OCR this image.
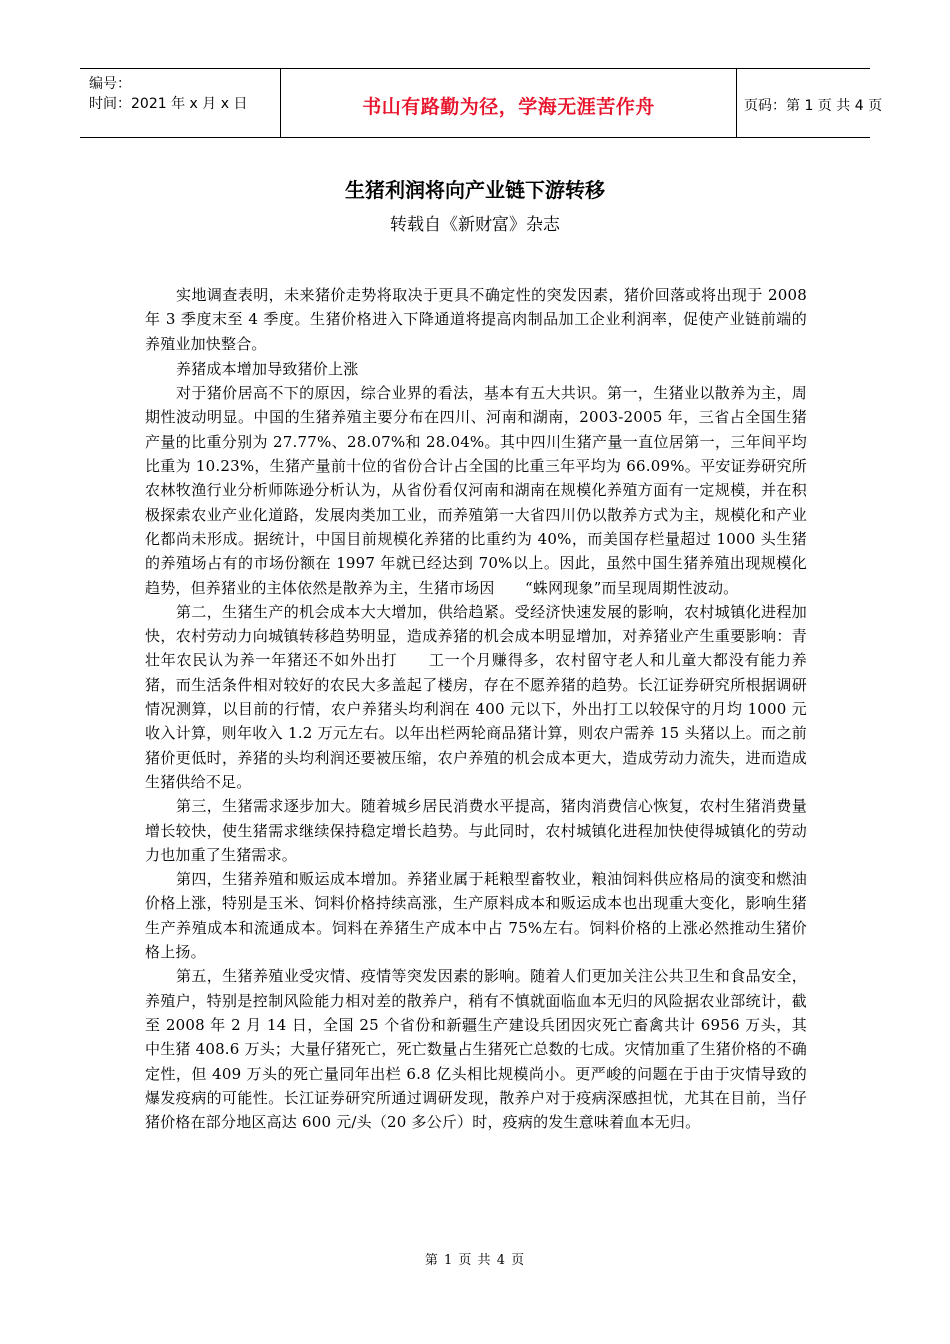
编号：
时间：2021 年 x 月 x 日	书山有路勤为径，学海无涯苦作舟	页码：第 1 页 共 4 页
生猪利润将向产业链下游转移
转载自《新财富》杂志

实地调查表明，未来猪价走势将取决于更具不确定性的突发因素，猪价回落或将出现于 2008 年 3 季度末至 4 季度。生猪价格进入下降通道将提高肉制品加工企业利润率，促使产业链前端的养殖业加快整合。

养猪成本增加导致猪价上涨

对于猪价居高不下的原因，综合业界的看法，基本有五大共识。第一，生猪业以散养为主，周期性波动明显。中国的生猪养殖主要分布在四川、河南和湖南，2003-2005 年，三省占全国生猪产量的比重分别为 27.77%、28.07%和 28.04%。其中四川生猪产量一直位居第一，三年间平均比重为 10.23%，生猪产量前十位的省份合计占全国的比重三年平均为 66.09%。平安证券研究所农林牧渔行业分析师陈逊分析认为，从省份看仅河南和湖南在规模化养殖方面有一定规模，并在积极探索农业产业化道路，发展肉类加工业，而养殖第一大省四川仍以散养方式为主，规模化和产业化都尚未形成。据统计，中国目前规模化养猪的比重约为 40%，而美国存栏量超过 1000 头生猪的养殖场占有的市场份额在 1997 年就已经达到 70%以上。因此，虽然中国生猪养殖出现规模化趋势，但养猪业的主体依然是散养为主，生猪市场因　　“蛛网现象”而呈现周期性波动。

第二，生猪生产的机会成本大大增加，供给趋紧。受经济快速发展的影响，农村城镇化进程加快，农村劳动力向城镇转移趋势明显，造成养猪的机会成本明显增加，对养猪业产生重要影响：青壮年农民认为养一年猪还不如外出打　　工一个月赚得多，农村留守老人和儿童大都没有能力养猪，而生活条件相对较好的农民大多盖起了楼房，存在不愿养猪的趋势。长江证券研究所根据调研情况测算，以目前的行情，农户养猪头均利润在 400 元以下，外出打工以较保守的月均 1000 元收入计算，则年收入 1.2 万元左右。以年出栏两轮商品猪计算，则农户需养 15 头猪以上。而之前猪价更低时，养猪的头均利润还要被压缩，农户养殖的机会成本更大，造成劳动力流失，进而造成生猪供给不足。

第三，生猪需求逐步加大。随着城乡居民消费水平提高，猪肉消费信心恢复，农村生猪消费量增长较快，使生猪需求继续保持稳定增长趋势。与此同时，农村城镇化进程加快使得城镇化的劳动力也加重了生猪需求。

第四，生猪养殖和贩运成本增加。养猪业属于耗粮型畜牧业，粮油饲料供应格局的演变和燃油价格上涨，特别是玉米、饲料价格持续高涨，生产原料成本和贩运成本也出现重大变化，影响生猪生产养殖成本和流通成本。饲料在养猪生产成本中占 75%左右。饲料价格的上涨必然推动生猪价格上扬。

第五，生猪养殖业受灾情、疫情等突发因素的影响。随着人们更加关注公共卫生和食品安全，养殖户，特别是控制风险能力相对差的散养户，稍有不慎就面临血本无归的风险据农业部统计，截至 2008 年 2 月 14 日，全国 25 个省份和新疆生产建设兵团因灾死亡畜禽共计 6956 万头，其中生猪 408.6 万头；大量仔猪死亡，死亡数量占生猪死亡总数的七成。灾情加重了生猪价格的不确定性，但 409 万头的死亡量同年出栏 6.8 亿头相比规模尚小。更严峻的问题在于由于灾情导致的爆发疫病的可能性。长江证券研究所通过调研发现，散养户对于疫病深感担忧，尤其在目前，当仔猪价格在部分地区高达 600 元/头（20 多公斤）时，疫病的发生意味着血本无归。

第 1 页 共 4 页
